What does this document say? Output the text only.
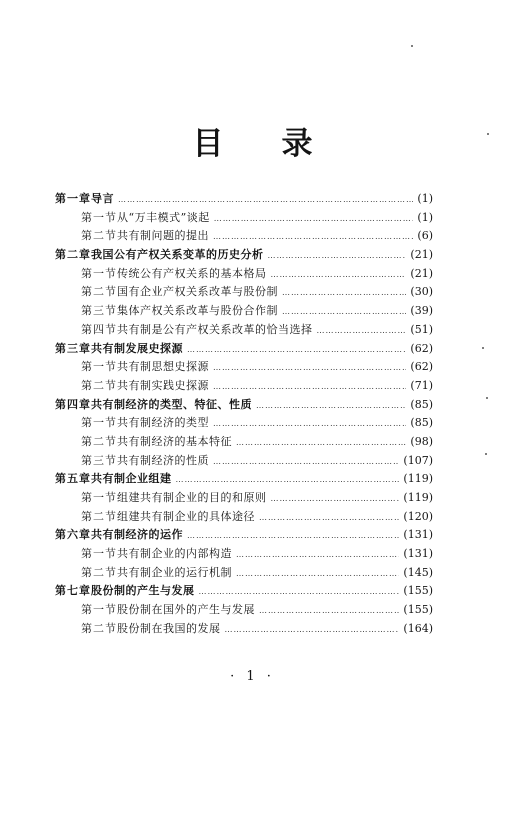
目录
第一章 导言 ……………………………………………………………………………………………………………………………………	(1)
第一节 从“万丰模式”谈起 ……………………………………………………………………………………………………………………………………	(1)
第二节 共有制问题的提出 ……………………………………………………………………………………………………………………………………	(6)
第二章 我国公有产权关系变革的历史分析 ……………………………………………………………………………………………………………………………………	(21)
第一节 传统公有产权关系的基本格局 ……………………………………………………………………………………………………………………………………	(21)
第二节 国有企业产权关系改革与股份制 ……………………………………………………………………………………………………………………………………	(30)
第三节 集体产权关系改革与股份合作制 ……………………………………………………………………………………………………………………………………	(39)
第四节 共有制是公有产权关系改革的恰当选择 ……………………………………………………………………………………………………………………………………	(51)
第三章 共有制发展史探源 ……………………………………………………………………………………………………………………………………	(62)
第一节 共有制思想史探源 ……………………………………………………………………………………………………………………………………	(62)
第二节 共有制实践史探源 ……………………………………………………………………………………………………………………………………	(71)
第四章 共有制经济的类型、特征、性质 ……………………………………………………………………………………………………………………………………	(85)
第一节 共有制经济的类型 ……………………………………………………………………………………………………………………………………	(85)
第二节 共有制经济的基本特征 ……………………………………………………………………………………………………………………………………	(98)
第三节 共有制经济的性质 ……………………………………………………………………………………………………………………………………	(107)
第五章 共有制企业组建 ……………………………………………………………………………………………………………………………………	(119)
第一节 组建共有制企业的目的和原则 ……………………………………………………………………………………………………………………………………	(119)
第二节 组建共有制企业的具体途径 ……………………………………………………………………………………………………………………………………	(120)
第六章 共有制经济的运作 ……………………………………………………………………………………………………………………………………	(131)
第一节 共有制企业的内部构造 ……………………………………………………………………………………………………………………………………	(131)
第二节 共有制企业的运行机制 ……………………………………………………………………………………………………………………………………	(145)
第七章 股份制的产生与发展 ……………………………………………………………………………………………………………………………………	(155)
第一节 股份制在国外的产生与发展 ……………………………………………………………………………………………………………………………………	(155)
第二节 股份制在我国的发展 ……………………………………………………………………………………………………………………………………	(164)
· 1 ·
